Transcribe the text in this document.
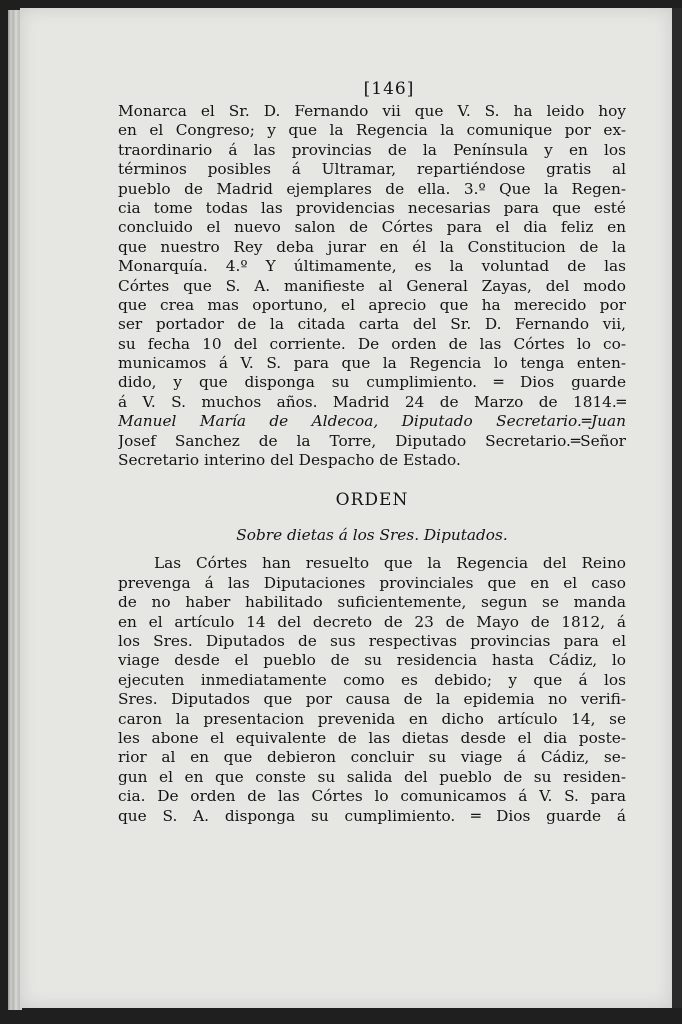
[146]
Monarca el Sr. D. Fernando vii que V. S. ha leido hoy
en el Congreso; y que la Regencia la comunique por ex-
traordinario á las provincias de la Península y en los
términos posibles á Ultramar, repartiéndose gratis al
pueblo de Madrid ejemplares de ella. 3.º Que la Regen-
cia tome todas las providencias necesarias para que esté
concluido el nuevo salon de Córtes para el dia feliz en
que nuestro Rey deba jurar en él la Constitucion de la
Monarquía. 4.º Y últimamente, es la voluntad de las
Córtes que S. A. manifieste al General Zayas, del modo
que crea mas oportuno, el aprecio que ha merecido por
ser portador de la citada carta del Sr. D. Fernando vii,
su fecha 10 del corriente. De orden de las Córtes lo co-
municamos á V. S. para que la Regencia lo tenga enten-
dido, y que disponga su cumplimiento. ═ Dios guarde
á V. S. muchos años. Madrid 24 de Marzo de 1814.═
Manuel María de Aldecoa, Diputado Secretario.═Juan
Josef Sanchez de la Torre, Diputado Secretario.═Señor
Secretario interino del Despacho de Estado.
ORDEN
Sobre dietas á los Sres. Diputados.
Las Córtes han resuelto que la Regencia del Reino
prevenga á las Diputaciones provinciales que en el caso
de no haber habilitado suficientemente, segun se manda
en el artículo 14 del decreto de 23 de Mayo de 1812, á
los Sres. Diputados de sus respectivas provincias para el
viage desde el pueblo de su residencia hasta Cádiz, lo
ejecuten inmediatamente como es debido; y que á los
Sres. Diputados que por causa de la epidemia no verifi-
caron la presentacion prevenida en dicho artículo 14, se
les abone el equivalente de las dietas desde el dia poste-
rior al en que debieron concluir su viage á Cádiz, se-
gun el en que conste su salida del pueblo de su residen-
cia. De orden de las Córtes lo comunicamos á V. S. para
que S. A. disponga su cumplimiento. ═ Dios guarde á
